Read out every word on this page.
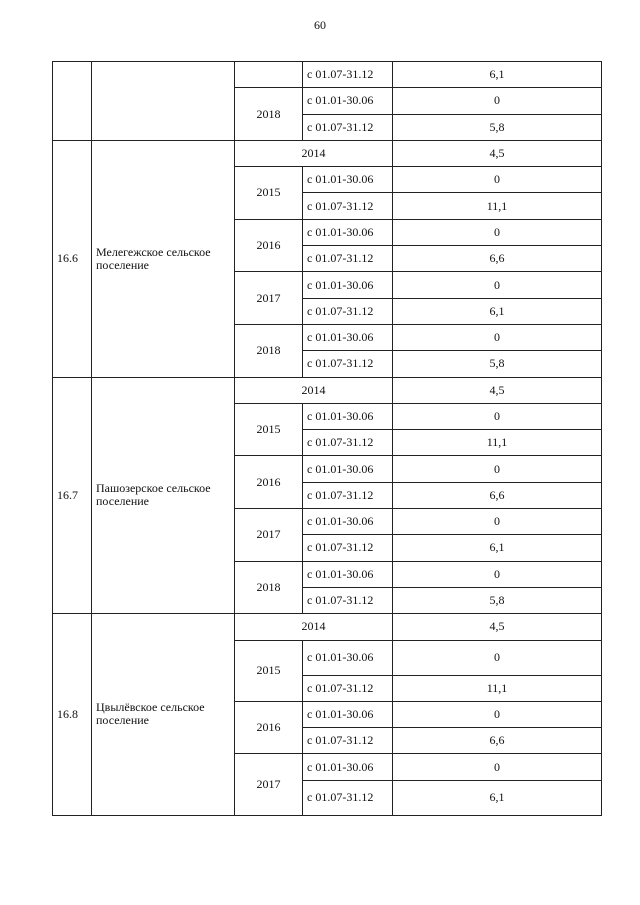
60
			с 01.07-31.12	6,1
		2018	с 01.01-30.06	0
			с 01.07-31.12	5,8
16.6	Мелегежское сельское поселение	2014		4,5
		2015	с 01.01-30.06	0
			с 01.07-31.12	11,1
		2016	с 01.01-30.06	0
			с 01.07-31.12	6,6
		2017	с 01.01-30.06	0
			с 01.07-31.12	6,1
		2018	с 01.01-30.06	0
			с 01.07-31.12	5,8
16.7	Пашозерское сельское поселение	2014		4,5
		2015	с 01.01-30.06	0
			с 01.07-31.12	11,1
		2016	с 01.01-30.06	0
			с 01.07-31.12	6,6
		2017	с 01.01-30.06	0
			с 01.07-31.12	6,1
		2018	с 01.01-30.06	0
			с 01.07-31.12	5,8
16.8	Цвылёвское сельское поселение	2014		4,5
		2015	с 01.01-30.06	0
			с 01.07-31.12	11,1
		2016	с 01.01-30.06	0
			с 01.07-31.12	6,6
		2017	с 01.01-30.06	0
			с 01.07-31.12	6,1
